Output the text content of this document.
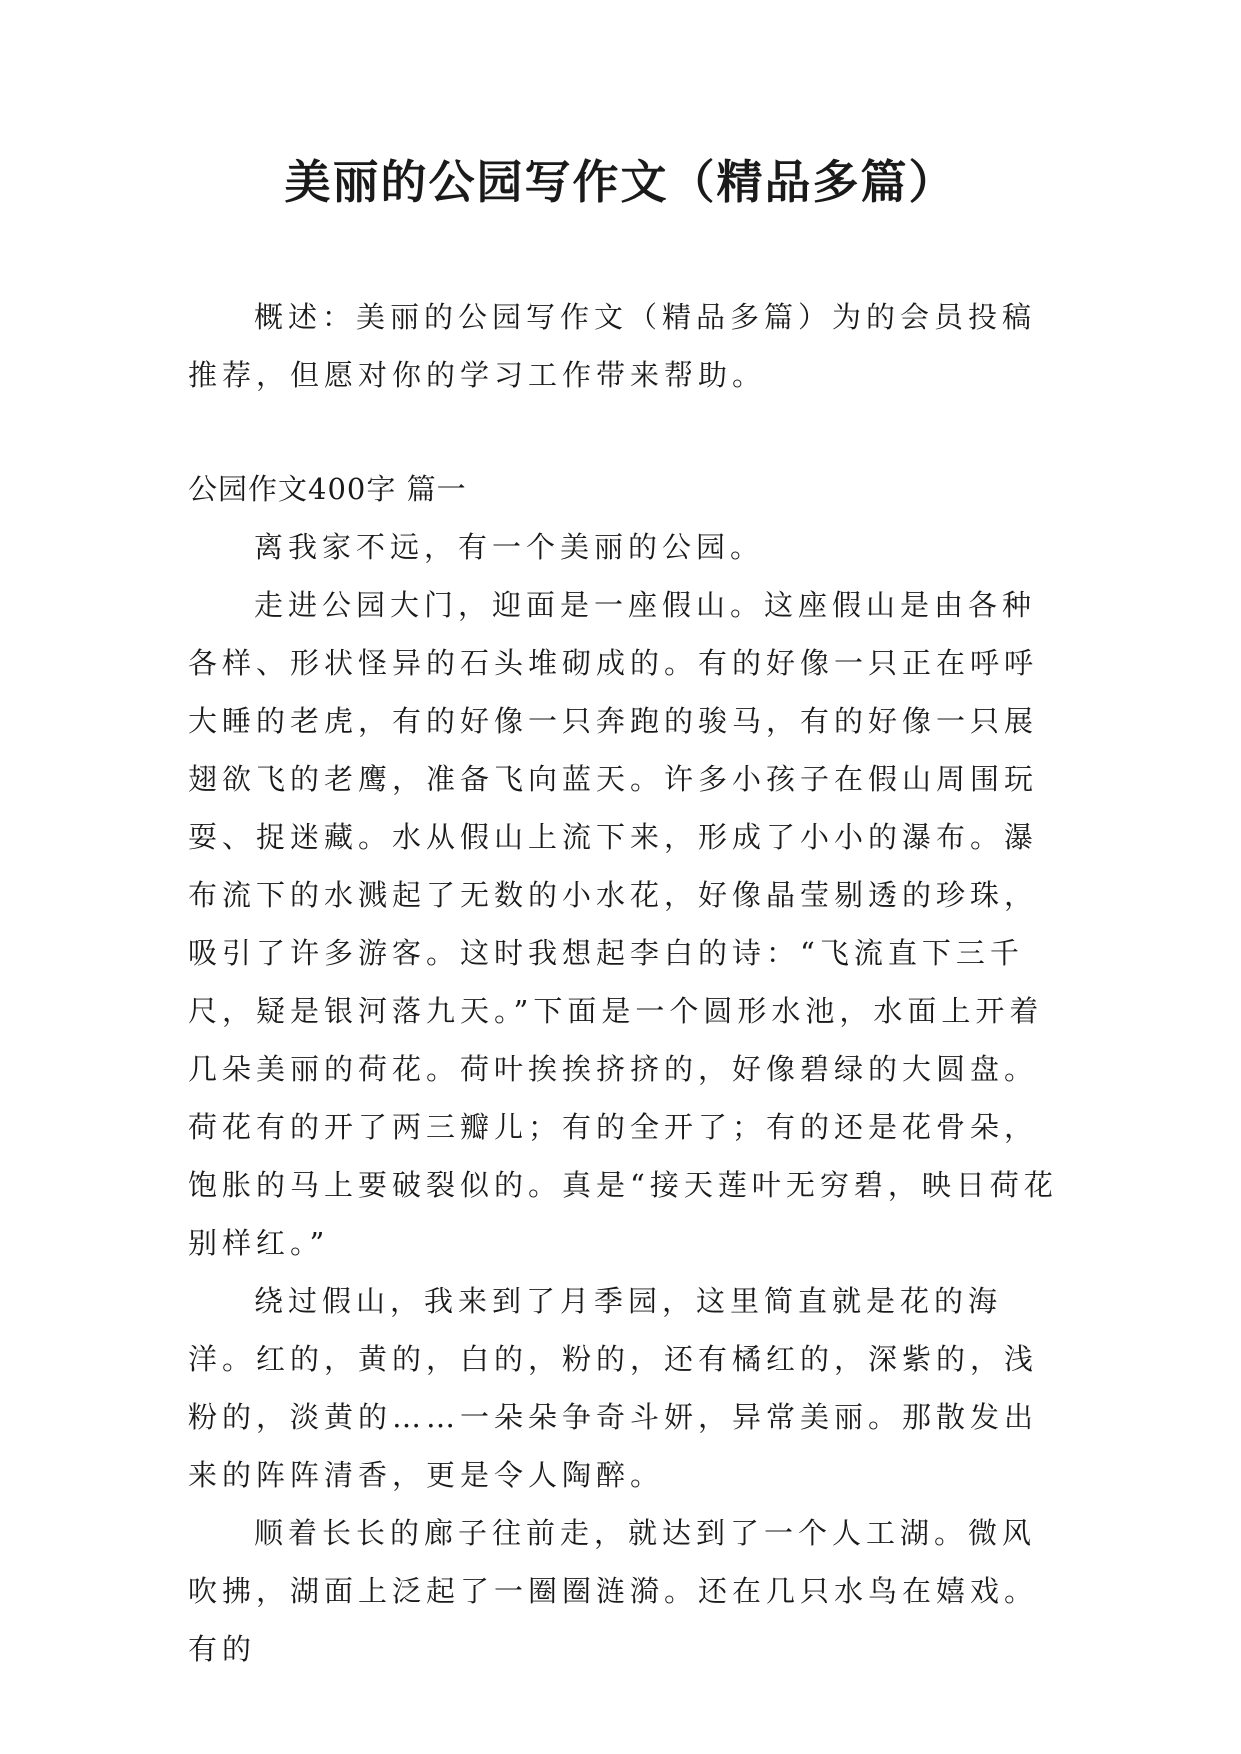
美丽的公园写作文（精品多篇）

概述：美丽的公园写作文（精品多篇）为的会员投稿推荐，但愿对你的学习工作带来帮助。

公园作文400字 篇一

离我家不远，有一个美丽的公园。

走进公园大门，迎面是一座假山。这座假山是由各种各样、形状怪异的石头堆砌成的。有的好像一只正在呼呼大睡的老虎，有的好像一只奔跑的骏马，有的好像一只展翅欲飞的老鹰，准备飞向蓝天。许多小孩子在假山周围玩耍、捉迷藏。水从假山上流下来，形成了小小的瀑布。瀑布流下的水溅起了无数的小水花，好像晶莹剔透的珍珠，吸引了许多游客。这时我想起李白的诗：“飞流直下三千尺，疑是银河落九天。”下面是一个圆形水池，水面上开着几朵美丽的荷花。荷叶挨挨挤挤的，好像碧绿的大圆盘。荷花有的开了两三瓣儿；有的全开了；有的还是花骨朵，饱胀的马上要破裂似的。真是“接天莲叶无穷碧，映日荷花别样红。”

绕过假山，我来到了月季园，这里简直就是花的海洋。红的，黄的，白的，粉的，还有橘红的，深紫的，浅粉的，淡黄的……一朵朵争奇斗妍，异常美丽。那散发出来的阵阵清香，更是令人陶醉。

顺着长长的廊子往前走，就达到了一个人工湖。微风吹拂，湖面上泛起了一圈圈涟漪。还在几只水鸟在嬉戏。有的
